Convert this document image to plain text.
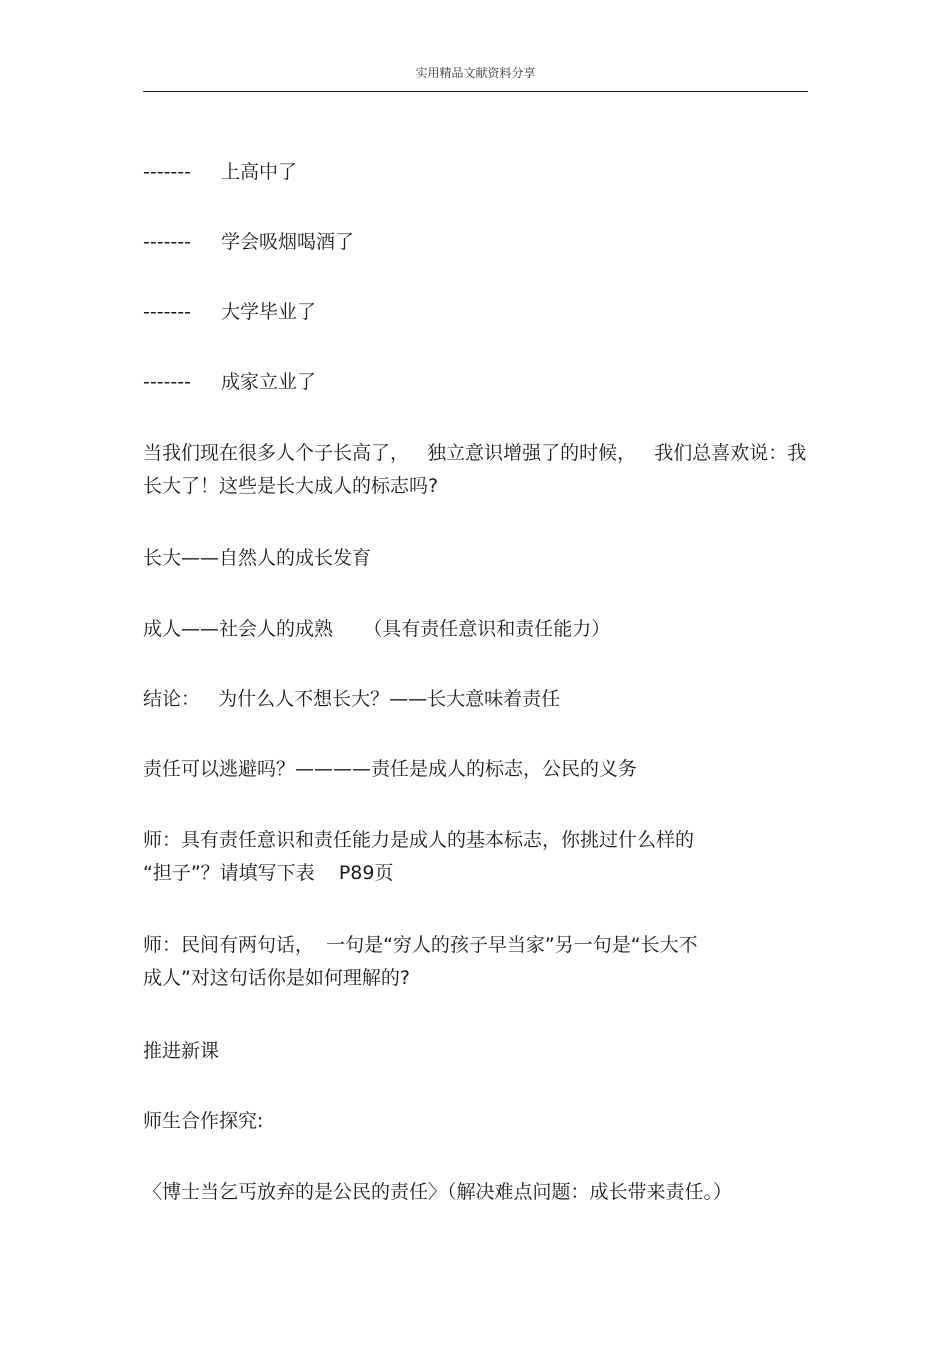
实用精品文献资料分享
------- 上高中了
------- 学会吸烟喝酒了
------- 大学毕业了
------- 成家立业了
当我们现在很多人个子长高了，   独立意识增强了的时候，   我们总喜欢说：我长大了！这些是长大成人的标志吗?
长大——自然人的成长发育
成人——社会人的成熟     （具有责任意识和责任能力）
结论：   为什么人不想长大？——长大意味着责任
责任可以逃避吗？————责任是成人的标志，公民的义务
师：具有责任意识和责任能力是成人的基本标志，你挑过什么样的
“担子”？请填写下表    P89页
师：民间有两句话，  一句是“穷人的孩子早当家”另一句是“长大不
成人”对这句话你是如何理解的?
推进新课
师生合作探究:
〈博士当乞丐放弃的是公民的责任〉（解决难点问题：成长带来责任。）
